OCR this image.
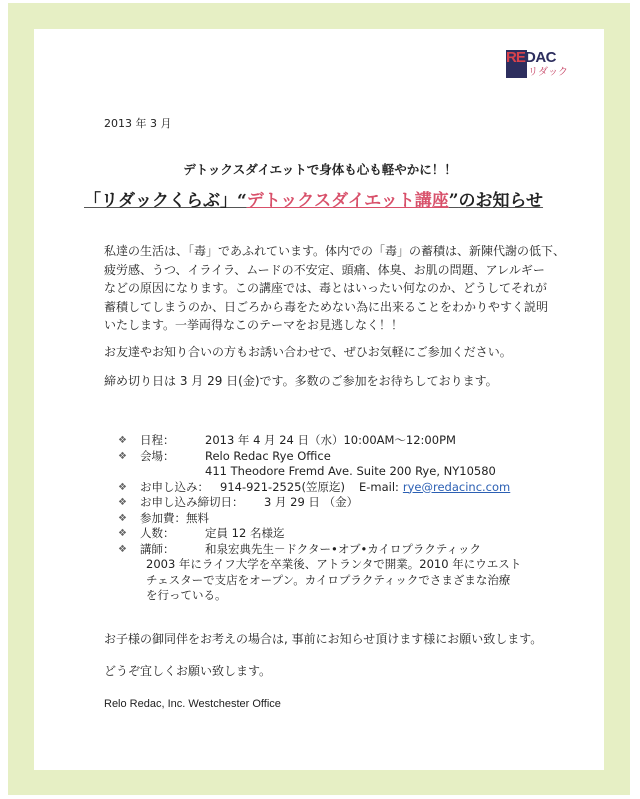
RE DAC
リダック
2013 年 3 月
デトックスダイエットで身体も心も軽やかに！！
「リダックくらぶ」“デトックスダイエット講座”のお知らせ
私達の生活は、「毒」であふれています。体内での「毒」の蓄積は、新陳代謝の低下、
疲労感、うつ、イライラ、ムードの不安定、頭痛、体臭、お肌の問題、アレルギー
などの原因になります。この講座では、毒とはいったい何なのか、どうしてそれが
蓄積してしまうのか、日ごろから毒をためない為に出来ることをわかりやすく説明
いたします。一挙両得なこのテーマをお見逃しなく！！
お友達やお知り合いの方もお誘い合わせで、ぜひお気軽にご参加ください。
締め切り日は 3 月 29 日(金)です。多数のご参加をお待ちしております。
❖	日程：	2013 年 4 月 24 日（水）10:00AM～12:00PM
❖	会場：	Relo Redac Rye Office
411 Theodore Fremd Ave. Suite 200 Rye, NY10580
❖	お申し込み： 914-921-2525(笠原迄) E-mail: rye@redacinc.com
❖	お申し込み締切日：	3 月 29 日 （金）
❖	参加費： 無料
❖	人数：	定員 12 名様迄
❖	講師：	和泉宏典先生－ドクター•オブ•カイロプラクティック
2003 年にライフ大学を卒業後、アトランタで開業。2010 年にウエスト
チェスターで支店をオープン。カイロプラクティックでさまざまな治療
を行っている。
お子様の御同伴をお考えの場合は, 事前にお知らせ頂けます様にお願い致します。
どうぞ宜しくお願い致します。
Relo Redac, Inc. Westchester Office
